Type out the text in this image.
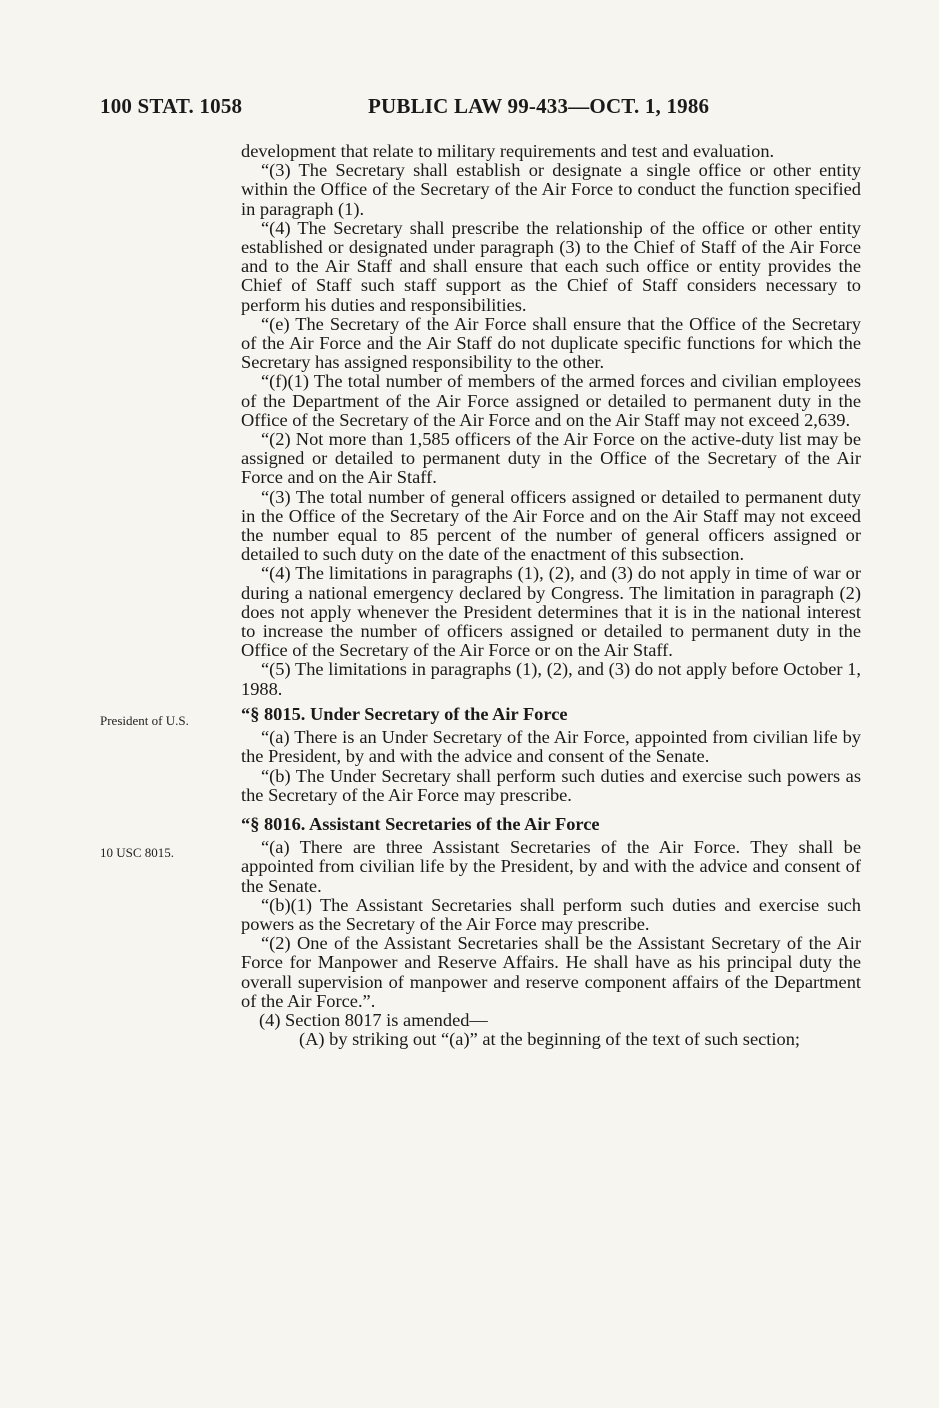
100 STAT. 1058	PUBLIC LAW 99-433—OCT. 1, 1986
President of U.S.
10 USC 8015.

development that relate to military requirements and test and evaluation.

“(3) The Secretary shall establish or designate a single office or other entity within the Office of the Secretary of the Air Force to conduct the function specified in paragraph (1).

“(4) The Secretary shall prescribe the relationship of the office or other entity established or designated under paragraph (3) to the Chief of Staff of the Air Force and to the Air Staff and shall ensure that each such office or entity provides the Chief of Staff such staff support as the Chief of Staff considers necessary to perform his duties and responsibilities.

“(e) The Secretary of the Air Force shall ensure that the Office of the Secretary of the Air Force and the Air Staff do not duplicate specific functions for which the Secretary has assigned responsibility to the other.

“(f)(1) The total number of members of the armed forces and civilian employees of the Department of the Air Force assigned or detailed to permanent duty in the Office of the Secretary of the Air Force and on the Air Staff may not exceed 2,639.

“(2) Not more than 1,585 officers of the Air Force on the active-duty list may be assigned or detailed to permanent duty in the Office of the Secretary of the Air Force and on the Air Staff.

“(3) The total number of general officers assigned or detailed to permanent duty in the Office of the Secretary of the Air Force and on the Air Staff may not exceed the number equal to 85 percent of the number of general officers assigned or detailed to such duty on the date of the enactment of this subsection.

“(4) The limitations in paragraphs (1), (2), and (3) do not apply in time of war or during a national emergency declared by Congress. The limitation in paragraph (2) does not apply whenever the President determines that it is in the national interest to increase the number of officers assigned or detailed to permanent duty in the Office of the Secretary of the Air Force or on the Air Staff.

“(5) The limitations in paragraphs (1), (2), and (3) do not apply before October 1, 1988.

“§ 8015. Under Secretary of the Air Force

“(a) There is an Under Secretary of the Air Force, appointed from civilian life by the President, by and with the advice and consent of the Senate.

“(b) The Under Secretary shall perform such duties and exercise such powers as the Secretary of the Air Force may prescribe.

“§ 8016. Assistant Secretaries of the Air Force

“(a) There are three Assistant Secretaries of the Air Force. They shall be appointed from civilian life by the President, by and with the advice and consent of the Senate.

“(b)(1) The Assistant Secretaries shall perform such duties and exercise such powers as the Secretary of the Air Force may prescribe.

“(2) One of the Assistant Secretaries shall be the Assistant Secretary of the Air Force for Manpower and Reserve Affairs. He shall have as his principal duty the overall supervision of manpower and reserve component affairs of the Department of the Air Force.”.

(4) Section 8017 is amended—

(A) by striking out “(a)” at the beginning of the text of such section;
